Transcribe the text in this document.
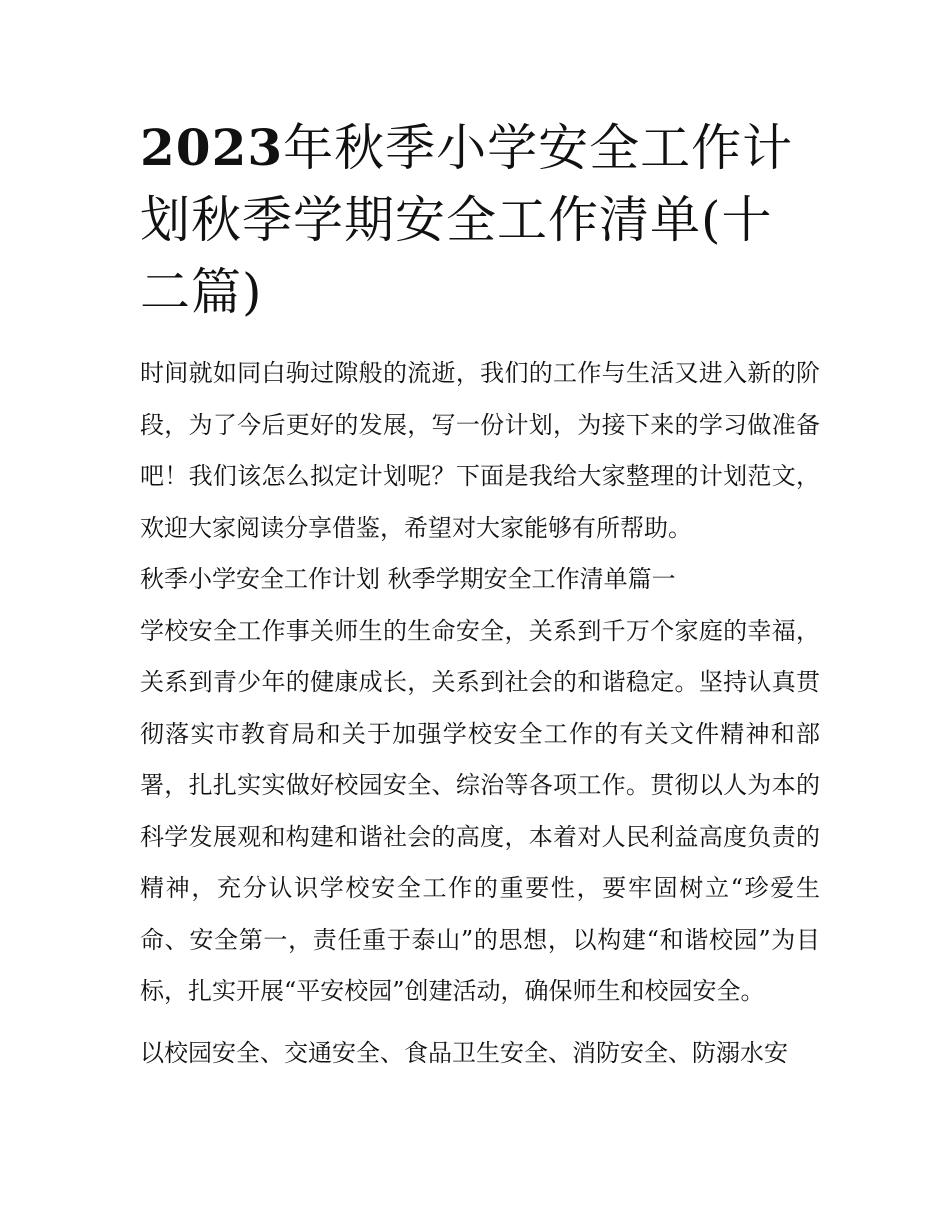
2023年秋季小学安全工作计划秋季学期安全工作清单(十二篇)

时间就如同白驹过隙般的流逝，我们的工作与生活又进入新的阶段，为了今后更好的发展，写一份计划，为接下来的学习做准备吧！我们该怎么拟定计划呢？下面是我给大家整理的计划范文，欢迎大家阅读分享借鉴，希望对大家能够有所帮助。

秋季小学安全工作计划 秋季学期安全工作清单篇一

学校安全工作事关师生的生命安全，关系到千万个家庭的幸福，关系到青少年的健康成长，关系到社会的和谐稳定。坚持认真贯彻落实市教育局和关于加强学校安全工作的有关文件精神和部署，扎扎实实做好校园安全、综治等各项工作。贯彻以人为本的科学发展观和构建和谐社会的高度，本着对人民利益高度负责的精神，充分认识学校安全工作的重要性，要牢固树立“珍爱生命、安全第一，责任重于泰山”的思想，以构建“和谐校园”为目标，扎实开展“平安校园”创建活动，确保师生和校园安全。

以校园安全、交通安全、食品卫生安全、消防安全、防溺水安
